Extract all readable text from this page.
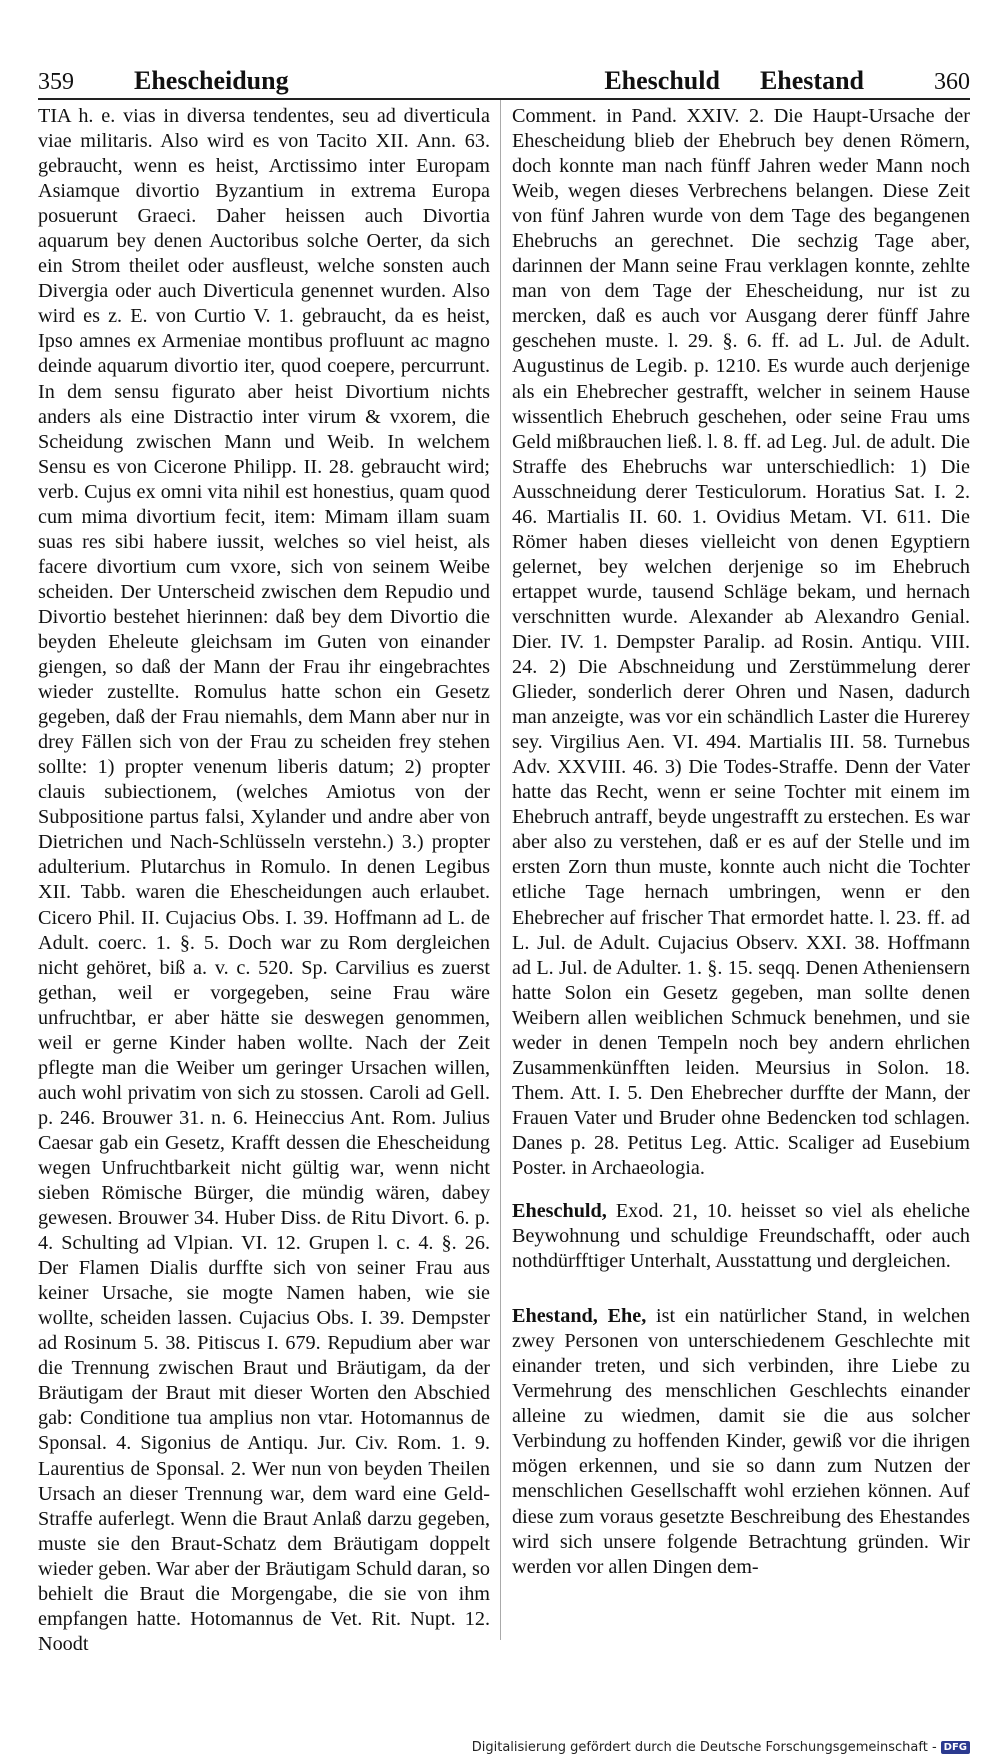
359 Ehescheidung	Eheschuld Ehestand	360

TIA h. e. vias in diversa tendentes, seu ad diverticula viae militaris. Also wird es von Tacito XII. Ann. 63. gebraucht, wenn es heist, Arctissimo inter Europam Asiamque divortio Byzantium in extrema Europa posuerunt Graeci. Daher heissen auch Divortia aquarum bey denen Auctoribus solche Oerter, da sich ein Strom theilet oder ausfleust, welche sonsten auch Divergia oder auch Diverticula genennet wurden. Also wird es z. E. von Curtio V. 1. gebraucht, da es heist, Ipso amnes ex Armeniae montibus profluunt ac magno deinde aquarum divortio iter, quod coepere, percurrunt. In dem sensu figurato aber heist Divortium nichts anders als eine Distractio inter virum & vxorem, die Scheidung zwischen Mann und Weib. In welchem Sensu es von Cicerone Philipp. II. 28. gebraucht wird; verb. Cujus ex omni vita nihil est honestius, quam quod cum mima divortium fecit, item: Mimam illam suam suas res sibi habere iussit, welches so viel heist, als facere divortium cum vxore, sich von seinem Weibe scheiden. Der Unterscheid zwischen dem Repudio und Divortio bestehet hierinnen: daß bey dem Divortio die beyden Eheleute gleichsam im Guten von einander giengen, so daß der Mann der Frau ihr eingebrachtes wieder zustellte. Romulus hatte schon ein Gesetz gegeben, daß der Frau niemahls, dem Mann aber nur in drey Fällen sich von der Frau zu scheiden frey stehen sollte: 1) propter venenum liberis datum; 2) propter clauis subiectionem, (welches Amiotus von der Subpositione partus falsi, Xylander und andre aber von Dietrichen und Nach-Schlüsseln verstehn.) 3.) propter adulterium. Plutarchus in Romulo. In denen Legibus XII. Tabb. waren die Ehescheidungen auch erlaubet. Cicero Phil. II. Cujacius Obs. I. 39. Hoffmann ad L. de Adult. coerc. 1. §. 5. Doch war zu Rom dergleichen nicht gehöret, biß a. v. c. 520. Sp. Carvilius es zuerst gethan, weil er vorgegeben, seine Frau wäre unfruchtbar, er aber hätte sie deswegen genommen, weil er gerne Kinder haben wollte. Nach der Zeit pflegte man die Weiber um geringer Ursachen willen, auch wohl privatim von sich zu stossen. Caroli ad Gell. p. 246. Brouwer 31. n. 6. Heineccius Ant. Rom. Julius Caesar gab ein Gesetz, Krafft dessen die Ehescheidung wegen Unfruchtbarkeit nicht gültig war, wenn nicht sieben Römische Bürger, die mündig wären, dabey gewesen. Brouwer 34. Huber Diss. de Ritu Divort. 6. p. 4. Schulting ad Vlpian. VI. 12. Grupen l. c. 4. §. 26. Der Flamen Dialis durffte sich von seiner Frau aus keiner Ursache, sie mogte Namen haben, wie sie wollte, scheiden lassen. Cujacius Obs. I. 39. Dempster ad Rosinum 5. 38. Pitiscus I. 679. Repudium aber war die Trennung zwischen Braut und Bräutigam, da der Bräutigam der Braut mit dieser Worten den Abschied gab: Conditione tua amplius non vtar. Hotomannus de Sponsal. 4. Sigonius de Antiqu. Jur. Civ. Rom. 1. 9. Laurentius de Sponsal. 2. Wer nun von beyden Theilen Ursach an dieser Trennung war, dem ward eine Geld-Straffe auferlegt. Wenn die Braut Anlaß darzu gegeben, muste sie den Braut-Schatz dem Bräutigam doppelt wieder geben. War aber der Bräutigam Schuld daran, so behielt die Braut die Morgengabe, die sie von ihm empfangen hatte. Hotomannus de Vet. Rit. Nupt. 12. Noodt

Comment. in Pand. XXIV. 2. Die Haupt-Ursache der Ehescheidung blieb der Ehebruch bey denen Römern, doch konnte man nach fünff Jahren weder Mann noch Weib, wegen dieses Verbrechens belangen. Diese Zeit von fünf Jahren wurde von dem Tage des begangenen Ehebruchs an gerechnet. Die sechzig Tage aber, darinnen der Mann seine Frau verklagen konnte, zehlte man von dem Tage der Ehescheidung, nur ist zu mercken, daß es auch vor Ausgang derer fünff Jahre geschehen muste. l. 29. §. 6. ff. ad L. Jul. de Adult. Augustinus de Legib. p. 1210. Es wurde auch derjenige als ein Ehebrecher gestrafft, welcher in seinem Hause wissentlich Ehebruch geschehen, oder seine Frau ums Geld mißbrauchen ließ. l. 8. ff. ad Leg. Jul. de adult. Die Straffe des Ehebruchs war unterschiedlich: 1) Die Ausschneidung derer Testiculorum. Horatius Sat. I. 2. 46. Martialis II. 60. 1. Ovidius Metam. VI. 611. Die Römer haben dieses vielleicht von denen Egyptiern gelernet, bey welchen derjenige so im Ehebruch ertappet wurde, tausend Schläge bekam, und hernach verschnitten wurde. Alexander ab Alexandro Genial. Dier. IV. 1. Dempster Paralip. ad Rosin. Antiqu. VIII. 24. 2) Die Abschneidung und Zerstümmelung derer Glieder, sonderlich derer Ohren und Nasen, dadurch man anzeigte, was vor ein schändlich Laster die Hurerey sey. Virgilius Aen. VI. 494. Martialis III. 58. Turnebus Adv. XXVIII. 46. 3) Die Todes-Straffe. Denn der Vater hatte das Recht, wenn er seine Tochter mit einem im Ehebruch antraff, beyde ungestrafft zu erstechen. Es war aber also zu verstehen, daß er es auf der Stelle und im ersten Zorn thun muste, konnte auch nicht die Tochter etliche Tage hernach umbringen, wenn er den Ehebrecher auf frischer That ermordet hatte. l. 23. ff. ad L. Jul. de Adult. Cujacius Observ. XXI. 38. Hoffmann ad L. Jul. de Adulter. 1. §. 15. seqq. Denen Atheniensern hatte Solon ein Gesetz gegeben, man sollte denen Weibern allen weiblichen Schmuck benehmen, und sie weder in denen Tempeln noch bey andern ehrlichen Zusammenkünfften leiden. Meursius in Solon. 18. Them. Att. I. 5. Den Ehebrecher durffte der Mann, der Frauen Vater und Bruder ohne Bedencken tod schlagen. Danes p. 28. Petitus Leg. Attic. Scaliger ad Eusebium Poster. in Archaeologia.

Eheschuld, Exod. 21, 10. heisset so viel als eheliche Beywohnung und schuldige Freundschafft, oder auch nothdürfftiger Unterhalt, Ausstattung und dergleichen.

Ehestand, Ehe, ist ein natürlicher Stand, in welchen zwey Personen von unterschiedenem Geschlechte mit einander treten, und sich verbinden, ihre Liebe zu Vermehrung des menschlichen Geschlechts einander alleine zu wiedmen, damit sie die aus solcher Verbindung zu hoffenden Kinder, gewiß vor die ihrigen mögen erkennen, und sie so dann zum Nutzen der menschlichen Gesellschafft wohl erziehen können. Auf diese zum voraus gesetzte Beschreibung des Ehestandes wird sich unsere folgende Betrachtung gründen. Wir werden vor allen Dingen dem-

Digitalisierung gefördert durch die Deutsche Forschungsgemeinschaft - DFG
